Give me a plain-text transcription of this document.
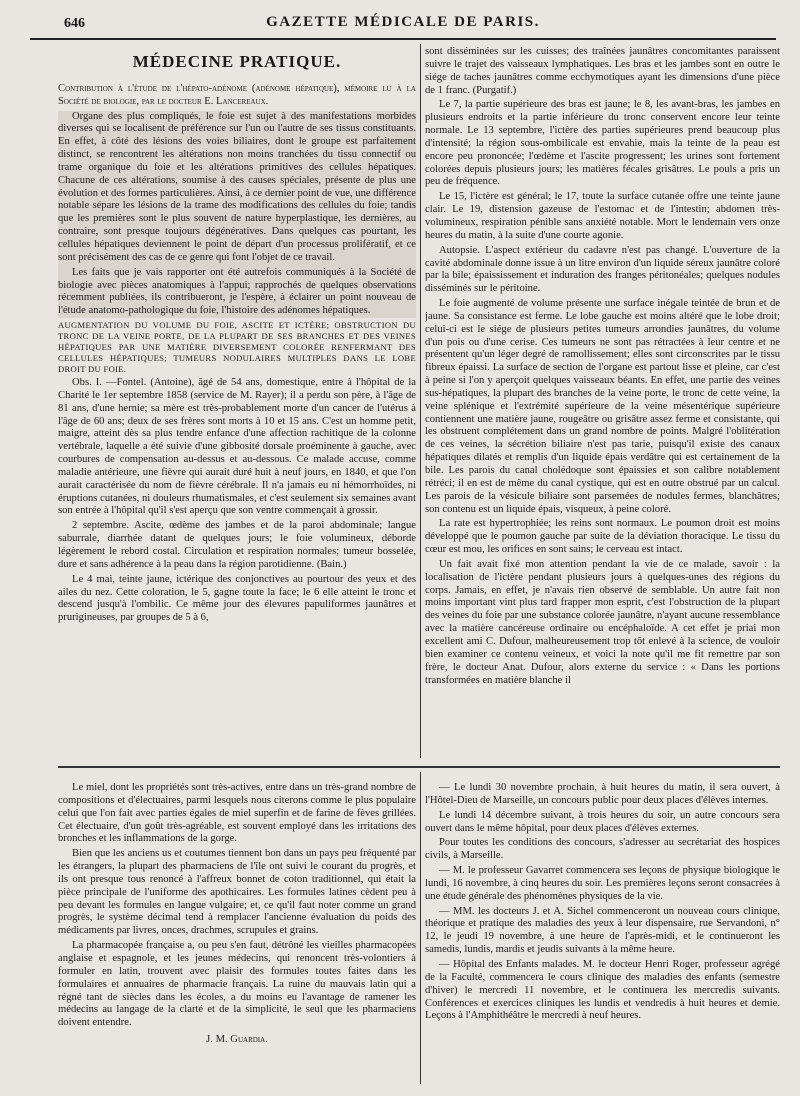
646	GAZETTE MÉDICALE DE PARIS.
MÉDECINE PRATIQUE.

Contribution à l'étude de l'hépato-adénome (adénome hépatique), mémoire lu à la Société de biologie, par le docteur E. Lancereaux.

Organe des plus compliqués, le foie est sujet à des manifestations morbides diverses qui se localisent de préférence sur l'un ou l'autre de ses tissus constituants. En effet, à côté des lésions des voies biliaires, dont le groupe est parfaitement distinct, se rencontrent les altérations non moins tranchées du tissu connectif ou trame organique du foie et les altérations primitives des cellules hépatiques. Chacune de ces altérations, soumise à des causes spéciales, présente de plus une évolution et des formes particulières. Ainsi, à ce dernier point de vue, une différence notable sépare les lésions de la trame des modifications des cellules du foie; tandis que les premières sont le plus souvent de nature hyperplastique, les dernières, au contraire, sont presque toujours dégénératives. Dans quelques cas pourtant, les cellules hépatiques deviennent le point de départ d'un processus prolifératif, et ce sont précisément des cas de ce genre qui font l'objet de ce travail.

Les faits que je vais rapporter ont été autrefois communiqués à la Société de biologie avec pièces anatomiques à l'appui; rapprochés de quelques observations récemment publiées, ils contribueront, je l'espère, à éclairer un point nouveau de l'étude anatomo-pathologique du foie, l'histoire des adénomes hépatiques.

AUGMENTATION DU VOLUME DU FOIE, ASCITE ET ICTÈRE; OBSTRUCTION DU TRONC DE LA VEINE PORTE, DE LA PLUPART DE SES BRANCHES ET DES VEINES HÉPATIQUES PAR UNE MATIÈRE DIVERSEMENT COLORÉE RENFERMANT DES CELLULES HÉPATIQUES; TUMEURS NODULAIRES MULTIPLES DANS LE LOBE DROIT DU FOIE.

Obs. I. —Fontel. (Antoine), âgé de 54 ans, domestique, entre à l'hôpital de la Charité le 1er septembre 1858 (service de M. Rayer); il a perdu son père, à l'âge de 81 ans, d'une hernie; sa mère est très-probablement morte d'un cancer de l'utérus à l'âge de 60 ans; deux de ses frères sont morts à 10 et 15 ans. C'est un homme petit, maigre, atteint dès sa plus tendre enfance d'une affection rachitique de la colonne vertébrale, laquelle a été suivie d'une gibbosité dorsale proéminente à gauche, avec courbures de compensation au-dessus et au-dessous. Ce malade accuse, comme maladie antérieure, une fièvre qui aurait duré huit à neuf jours, en 1840, et que l'on aurait caractérisée du nom de fièvre cérébrale. Il n'a jamais eu ni hémorrhoïdes, ni éruptions cutanées, ni douleurs rhumatismales, et c'est seulement six semaines avant son entrée à l'hôpital qu'il s'est aperçu que son ventre commençait à grossir.

2 septembre. Ascite, œdème des jambes et de la paroi abdominale; langue saburrale, diarrhée datant de quelques jours; le foie volumineux, déborde légèrement le rebord costal. Circulation et respiration normales; tumeur bosselée, dure et sans adhérence à la peau dans la région parotidienne. (Bain.)

Le 4 mai, teinte jaune, ictérique des conjonctives au pourtour des yeux et des ailes du nez. Cette coloration, le 5, gagne toute la face; le 6 elle atteint le tronc et descend jusqu'à l'ombilic. Ce même jour des élevures papuliformes jaunâtres et prurigineuses, par groupes de 5 à 6,

sont disséminées sur les cuisses; des traînées jaunâtres concomitantes paraissent suivre le trajet des vaisseaux lymphatiques. Les bras et les jambes sont en outre le siége de taches jaunâtres comme ecchymotiques ayant les dimensions d'une pièce de 1 franc. (Purgatif.)

Le 7, la partie supérieure des bras est jaune; le 8, les avant-bras, les jambes en plusieurs endroits et la partie inférieure du tronc conservent encore leur teinte normale. Le 13 septembre, l'ictère des parties supérieures prend beaucoup plus d'intensité; la région sous-ombilicale est envahie, mais la teinte de la peau est encore peu prononcée; l'œdème et l'ascite progressent; les urines sont fortement colorées depuis plusieurs jours; les matières fécales grisâtres. Le pouls a pris un peu de fréquence.

Le 15, l'ictère est général; le 17, toute la surface cutanée offre une teinte jaune clair. Le 19, distension gazeuse de l'estomac et de l'intestin; abdomen très-volumineux, respiration pénible sans anxiété notable. Mort le lendemain vers onze heures du matin, à la suite d'une courte agonie.

Autopsie. L'aspect extérieur du cadavre n'est pas changé. L'ouverture de la cavité abdominale donne issue à un litre environ d'un liquide séreux jaunâtre coloré par la bile; épaississement et induration des franges péritonéales; quelques nodules disséminés sur le péritoine.

Le foie augmenté de volume présente une surface inégale teintée de brun et de jaune. Sa consistance est ferme. Le lobe gauche est moins altéré que le lobe droit; celui-ci est le siége de plusieurs petites tumeurs arrondies jaunâtres, du volume d'un pois ou d'une cerise. Ces tumeurs ne sont pas rétractées à leur centre et ne présentent qu'un léger degré de ramollissement; elles sont circonscrites par le tissu fibreux épaissi. La surface de section de l'organe est partout lisse et pleine, car c'est à peine si l'on y aperçoit quelques vaisseaux béants. En effet, une partie des veines sus-hépatiques, la plupart des branches de la veine porte, le tronc de cette veine, la veine splénique et l'extrémité supérieure de la veine mésentérique supérieure contiennent une matière jaune, rougeâtre ou grisâtre assez ferme et consistante, qui les obstruent complétement dans un grand nombre de points. Malgré l'oblitération de ces veines, la sécrétion biliaire n'est pas tarie, puisqu'il existe des canaux hépatiques dilatés et remplis d'un liquide épais verdâtre qui est certainement de la bile. Les parois du canal cholédoque sont épaissies et son calibre notablement rétréci; il en est de même du canal cystique, qui est en outre obstrué par un calcul. Les parois de la vésicule biliaire sont parsemées de nodules fermes, blanchâtres; son contenu est un liquide épais, visqueux, à peine coloré.

La rate est hypertrophiée; les reins sont normaux. Le poumon droit est moins développé que le poumon gauche par suite de la déviation thoracique. Le tissu du cœur est mou, les orifices en sont sains; le cerveau est intact.

Un fait avait fixé mon attention pendant la vie de ce malade, savoir : la localisation de l'ictère pendant plusieurs jours à quelques-unes des régions du corps. Jamais, en effet, je n'avais rien observé de semblable. Un autre fait non moins important vint plus tard frapper mon esprit, c'est l'obstruction de la plupart des veines du foie par une substance colorée jaunâtre, n'ayant aucune ressemblance avec la matière cancéreuse ordinaire ou encéphaloïde. A cet effet je priai mon excellent ami C. Dufour, malheureusement trop tôt enlevé à la science, de vouloir bien examiner ce contenu veineux, et voici la note qu'il me fit remettre par son frère, le docteur Anat. Dufour, alors externe du service : « Dans les portions transformées en matière blanche il

Le miel, dont les propriétés sont très-actives, entre dans un très-grand nombre de compositions et d'électuaires, parmi lesquels nous citerons comme le plus populaire celui que l'on fait avec parties égales de miel superfin et de farine de fèves grillées. Cet électuaire, d'un goût très-agréable, est souvent employé dans les irritations des bronches et les inflammations de la gorge.

Bien que les anciens us et coutumes tiennent bon dans un pays peu fréquenté par les étrangers, la plupart des pharmaciens de l'île ont suivi le courant du progrès, et ils ont presque tous renoncé à l'affreux bonnet de coton traditionnel, qui était la pièce principale de l'uniforme des apothicaires. Les formules latines cèdent peu à peu devant les formules en langue vulgaire; et, ce qu'il faut noter comme un grand progrès, le système décimal tend à remplacer l'ancienne évaluation du poids des médicaments par livres, onces, drachmes, scrupules et grains.

La pharmacopée française a, ou peu s'en faut, détrôné les vieilles pharmacopées anglaise et espagnole, et les jeunes médecins, qui renoncent très-volontiers à formuler en latin, trouvent avec plaisir des formules toutes faites dans les formulaires et annuaires de pharmacie français. La ruine du mauvais latin qui a régné tant de siècles dans les écoles, a du moins eu l'avantage de ramener les médecins au langage de la clarté et de la simplicité, le seul que les pharmaciens doivent entendre.

J. M. Guardia.

— Le lundi 30 novembre prochain, à huit heures du matin, il sera ouvert, à l'Hôtel-Dieu de Marseille, un concours public pour deux places d'élèves internes.

Le lundi 14 décembre suivant, à trois heures du soir, un autre concours sera ouvert dans le même hôpital, pour deux places d'élèves externes.

Pour toutes les conditions des concours, s'adresser au secrétariat des hospices civils, à Marseille.

— M. le professeur Gavarret commencera ses leçons de physique biologique le lundi, 16 novembre, à cinq heures du soir. Les premières leçons seront consacrées à une étude générale des phénomènes physiques de la vie.

— MM. les docteurs J. et A. Sichel commenceront un nouveau cours clinique, théorique et pratique des maladies des yeux à leur dispensaire, rue Servandoni, n° 12, le jeudi 19 novembre, à une heure de l'après-midi, et le continueront les samedis, lundis, mardis et jeudis suivants à la même heure.

— Hôpital des Enfants malades. M. le docteur Henri Roger, professeur agrégé de la Faculté, commencera le cours clinique des maladies des enfants (semestre d'hiver) le mercredi 11 novembre, et le continuera les mercredis suivants. Conférences et exercices cliniques les lundis et vendredis à huit heures et demie. Leçons à l'Amphithéâtre le mercredi à neuf heures.
